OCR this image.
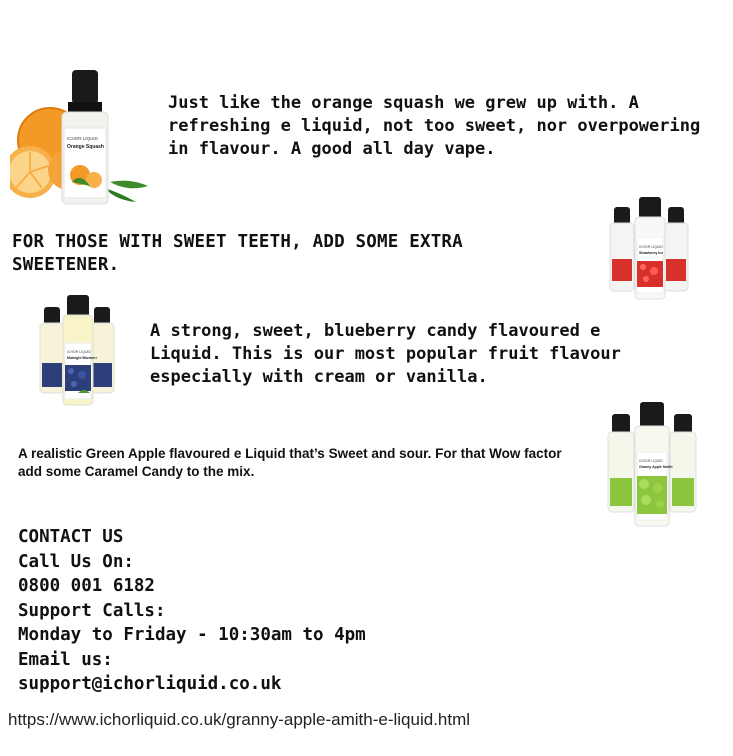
ICHOR LIQUID
Orange Squash
Just like the orange squash we grew up with. A refreshing e liquid, not too sweet, nor overpowering in flavour. A good all day vape.
ICHOR LIQUID
Strawberry Ice
FOR THOSE WITH SWEET TEETH, ADD SOME EXTRA SWEETENER.
ICHOR LIQUID
Midnight Blueberr
A strong, sweet, blueberry candy flavoured e Liquid. This is our most popular fruit flavour especially with cream or vanilla.
ICHOR LIQUID
Granny Apple Smith
A realistic Green Apple flavoured e Liquid that’s Sweet and sour. For that Wow factor add some Caramel Candy to the mix.
CONTACT US
Call Us On:
0800 001 6182
Support Calls:
Monday to Friday - 10:30am to 4pm
Email us:
support@ichorliquid.co.uk
https://www.ichorliquid.co.uk/granny-apple-amith-e-liquid.html
